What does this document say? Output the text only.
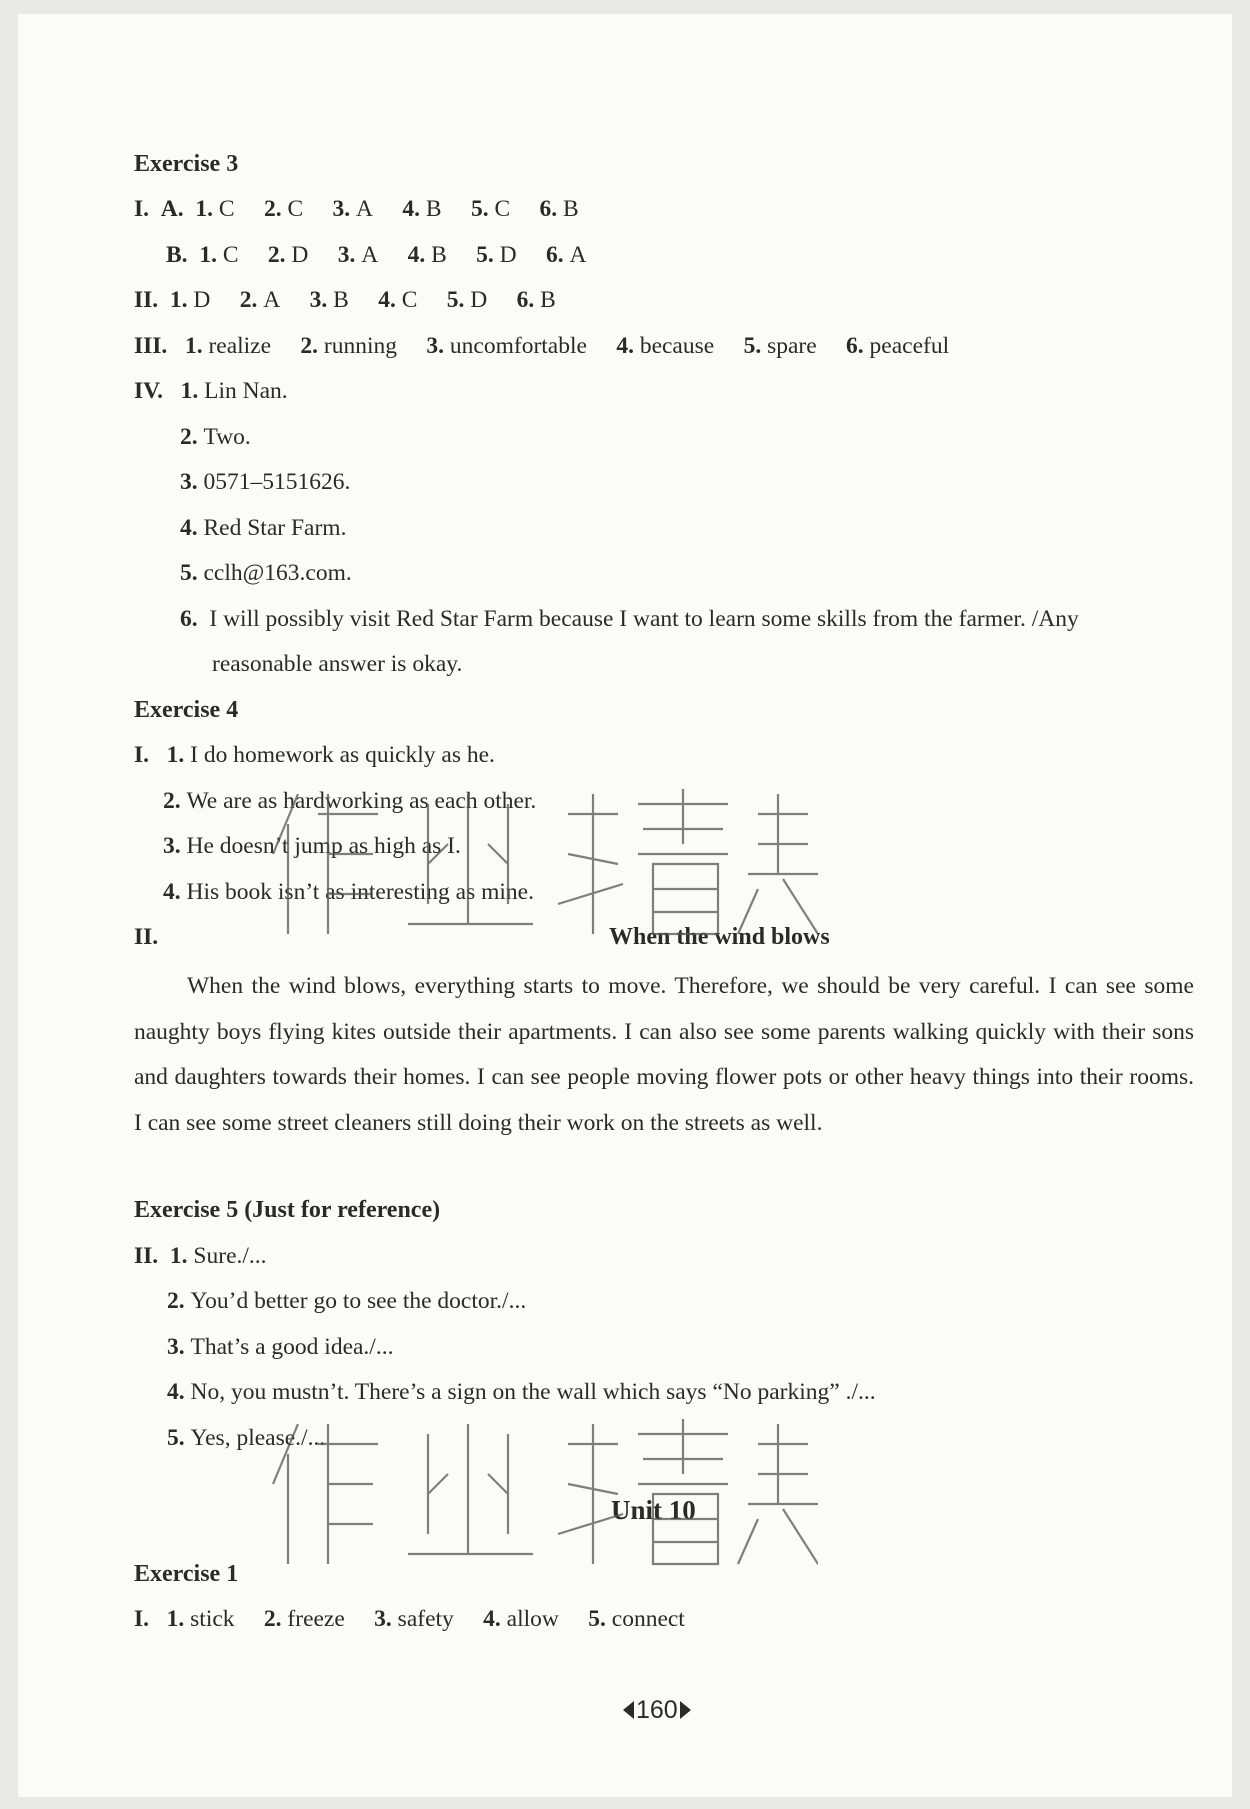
Exercise 3
I. A. 1. C 2. C 3. A 4. B 5. C 6. B
B. 1. C 2. D 3. A 4. B 5. D 6. A
II. 1. D 2. A 3. B 4. C 5. D 6. B
III. 1. realize 2. running 3. uncomfortable 4. because 5. spare 6. peaceful
IV. 1. Lin Nan.
2. Two.
3. 0571–5151626.
4. Red Star Farm.
5. cclh@163.com.
6. I will possibly visit Red Star Farm because I want to learn some skills from the farmer. /Any
reasonable answer is okay.
Exercise 4
I. 1. I do homework as quickly as he.
2. We are as hardworking as each other.
3. He doesn’t jump as high as I.
4. His book isn’t as interesting as mine.
II.	When the wind blows
When the wind blows, everything starts to move. Therefore, we should be very careful. I can see some naughty boys flying kites outside their apartments. I can also see some parents walking quickly with their sons and daughters towards their homes. I can see people moving flower pots or other heavy things into their rooms. I can see some street cleaners still doing their work on the streets as well.
Exercise 5 (Just for reference)
II. 1. Sure./...
2. You’d better go to see the doctor./...
3. That’s a good idea./...
4. No, you mustn’t. There’s a sign on the wall which says “No parking” ./...
5. Yes, please./...
Unit 10
Exercise 1
I. 1. stick 2. freeze 3. safety 4. allow 5. connect
160
